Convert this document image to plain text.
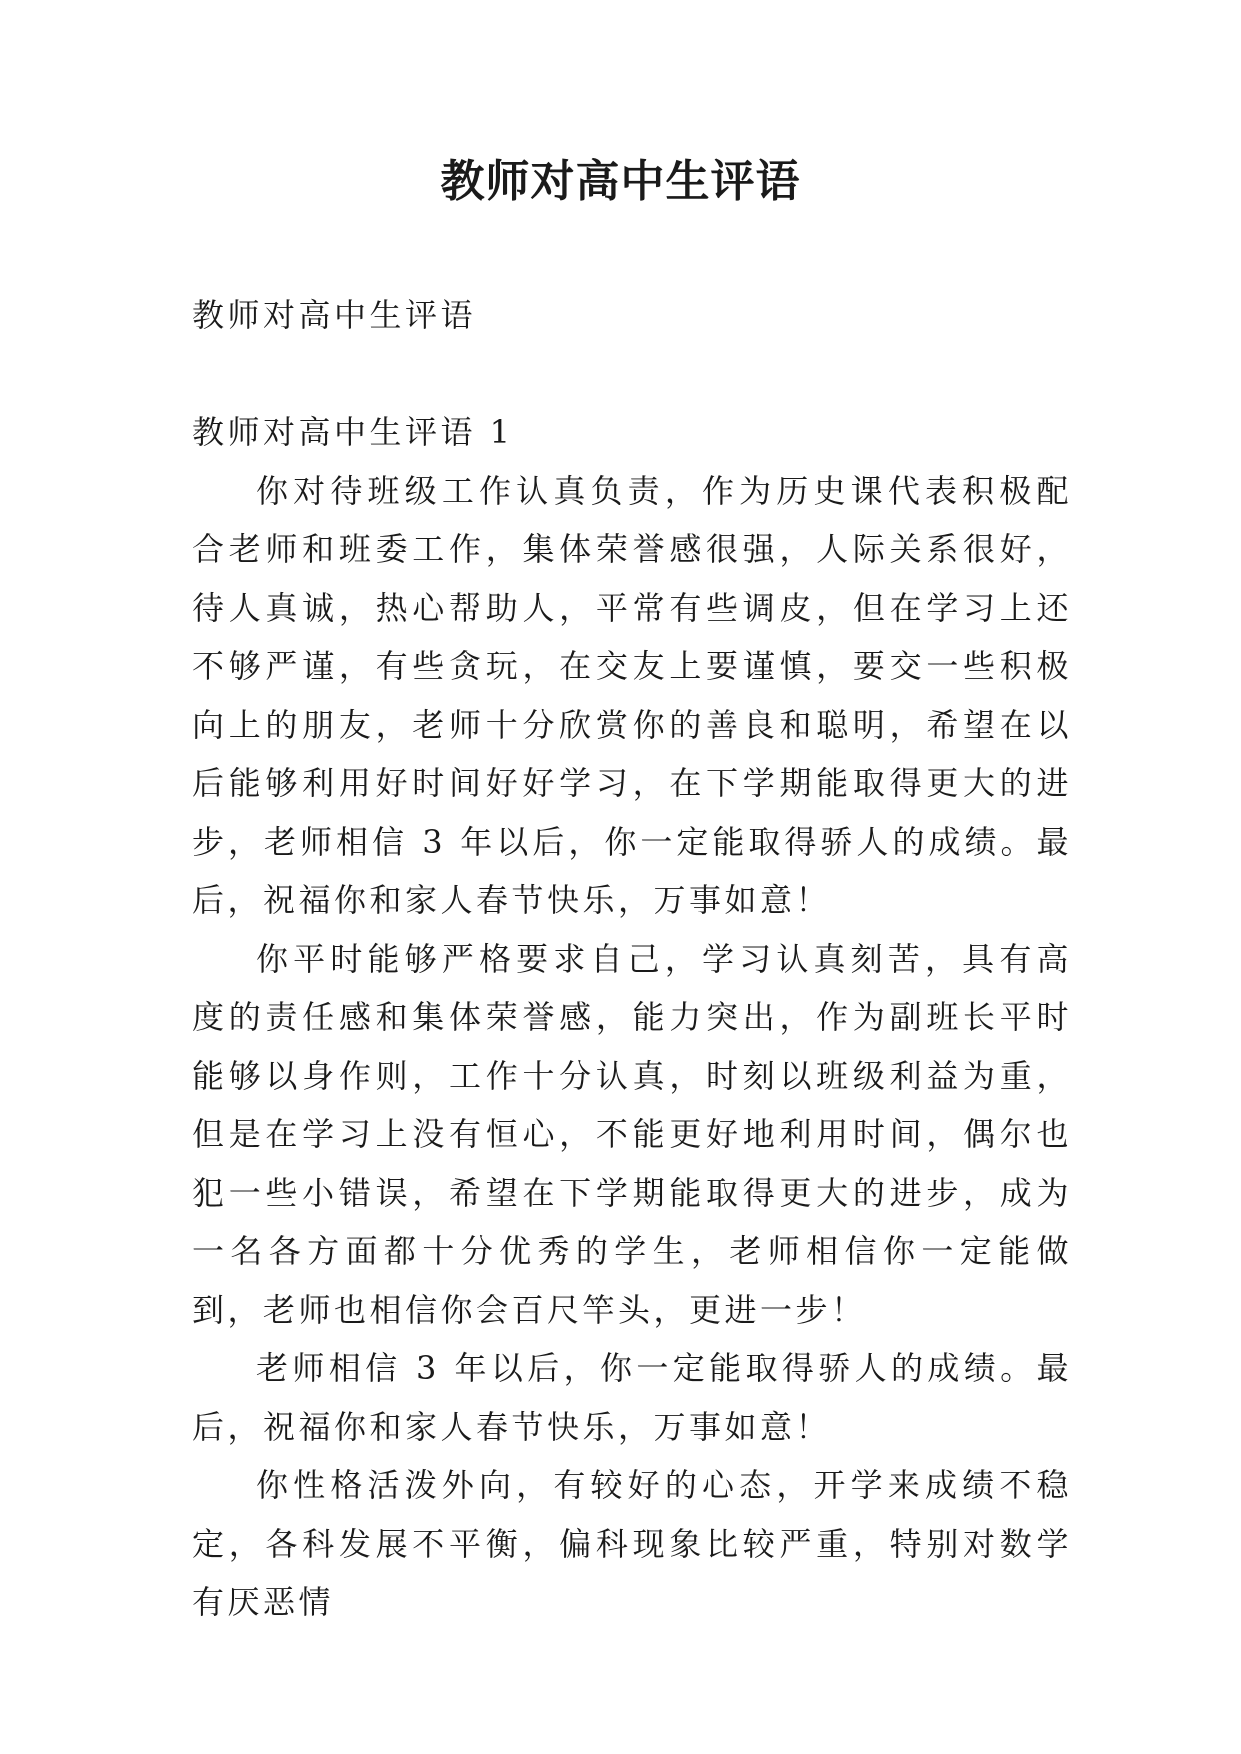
教师对高中生评语

教师对高中生评语

教师对高中生评语 1

你对待班级工作认真负责，作为历史课代表积极配合老师和班委工作，集体荣誉感很强，人际关系很好，待人真诚，热心帮助人，平常有些调皮，但在学习上还不够严谨，有些贪玩，在交友上要谨慎，要交一些积极向上的朋友，老师十分欣赏你的善良和聪明，希望在以后能够利用好时间好好学习，在下学期能取得更大的进步，老师相信 3 年以后，你一定能取得骄人的成绩。最后，祝福你和家人春节快乐，万事如意！

你平时能够严格要求自己，学习认真刻苦，具有高度的责任感和集体荣誉感，能力突出，作为副班长平时能够以身作则，工作十分认真，时刻以班级利益为重，但是在学习上没有恒心，不能更好地利用时间，偶尔也犯一些小错误，希望在下学期能取得更大的进步，成为一名各方面都十分优秀的学生，老师相信你一定能做到，老师也相信你会百尺竿头，更进一步！

老师相信 3 年以后，你一定能取得骄人的成绩。最后，祝福你和家人春节快乐，万事如意！

你性格活泼外向，有较好的心态，开学来成绩不稳定，各科发展不平衡，偏科现象比较严重，特别对数学有厌恶情
